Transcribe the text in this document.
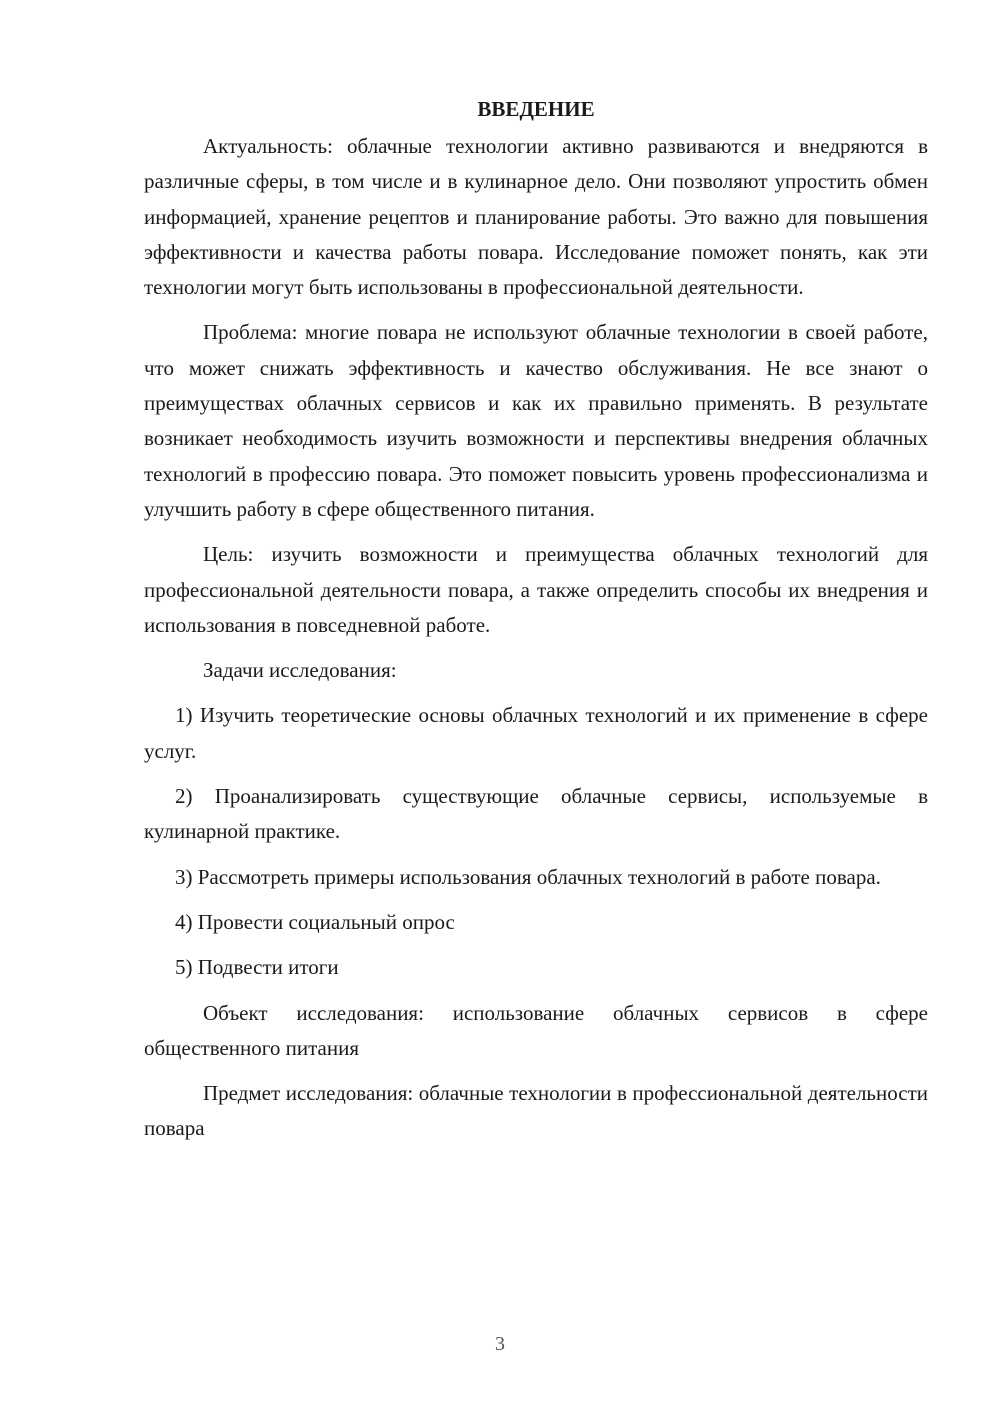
ВВЕДЕНИЕ

Актуальность: облачные технологии активно развиваются и внедряются в различные сферы, в том числе и в кулинарное дело. Они позволяют упростить обмен информацией, хранение рецептов и планирование работы. Это важно для повышения эффективности и качества работы повара. Исследование поможет понять, как эти технологии могут быть использованы в профессиональной деятельности.

Проблема: многие повара не используют облачные технологии в своей работе, что может снижать эффективность и качество обслуживания. Не все знают о преимуществах облачных сервисов и как их правильно применять. В результате возникает необходимость изучить возможности и перспективы внедрения облачных технологий в профессию повара. Это поможет повысить уровень профессионализма и улучшить работу в сфере общественного питания.

Цель: изучить возможности и преимущества облачных технологий для профессиональной деятельности повара, а также определить способы их внедрения и использования в повседневной работе.

Задачи исследования:

1) Изучить теоретические основы облачных технологий и их применение в сфере услуг.

2) Проанализировать существующие облачные сервисы, используемые в кулинарной практике.

3) Рассмотреть примеры использования облачных технологий в работе повара.

4) Провести социальный опрос

5) Подвести итоги

Объект исследования: использование облачных сервисов в сфере общественного питания

Предмет исследования: облачные технологии в профессиональной деятельности повара

3
